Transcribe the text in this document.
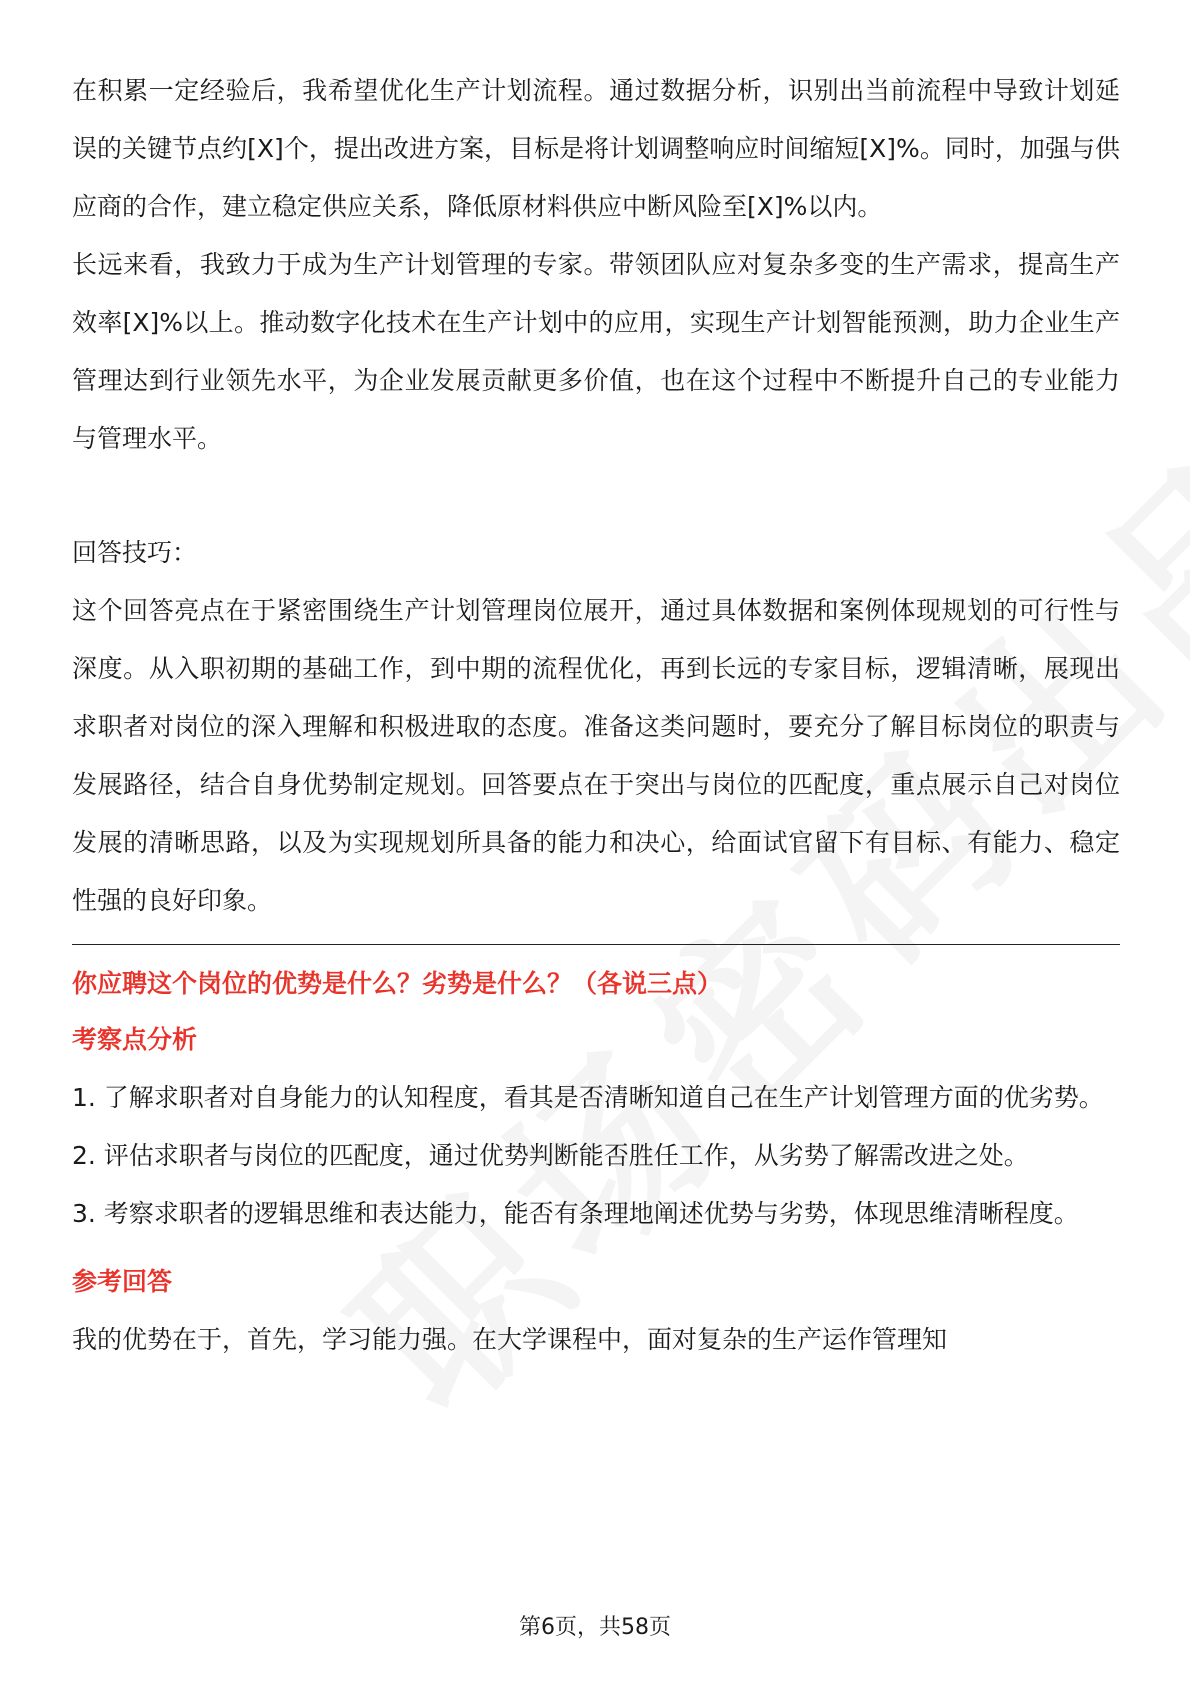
在积累一定经验后，我希望优化生产计划流程。通过数据分析，识别出当前流程中导致计划延误的关键节点约[X]个，提出改进方案，目标是将计划调整响应时间缩短[X]%。同时，加强与供应商的合作，建立稳定供应关系，降低原材料供应中断风险至[X]%以内。

长远来看，我致力于成为生产计划管理的专家。带领团队应对复杂多变的生产需求，提高生产效率[X]%以上。推动数字化技术在生产计划中的应用，实现生产计划智能预测，助力企业生产管理达到行业领先水平，为企业发展贡献更多价值，也在这个过程中不断提升自己的专业能力与管理水平。

回答技巧：

这个回答亮点在于紧密围绕生产计划管理岗位展开，通过具体数据和案例体现规划的可行性与深度。从入职初期的基础工作，到中期的流程优化，再到长远的专家目标，逻辑清晰，展现出求职者对岗位的深入理解和积极进取的态度。准备这类问题时，要充分了解目标岗位的职责与发展路径，结合自身优势制定规划。回答要点在于突出与岗位的匹配度，重点展示自己对岗位发展的清晰思路，以及为实现规划所具备的能力和决心，给面试官留下有目标、有能力、稳定性强的良好印象。

你应聘这个岗位的优势是什么？劣势是什么？（各说三点）

考察点分析

1. 了解求职者对自身能力的认知程度，看其是否清晰知道自己在生产计划管理方面的优劣势。

2. 评估求职者与岗位的匹配度，通过优势判断能否胜任工作，从劣势了解需改进之处。

3. 考察求职者的逻辑思维和表达能力，能否有条理地阐述优势与劣势，体现思维清晰程度。

参考回答

我的优势在于，首先，学习能力强。在大学课程中，面对复杂的生产运作管理知

第6页，共58页
